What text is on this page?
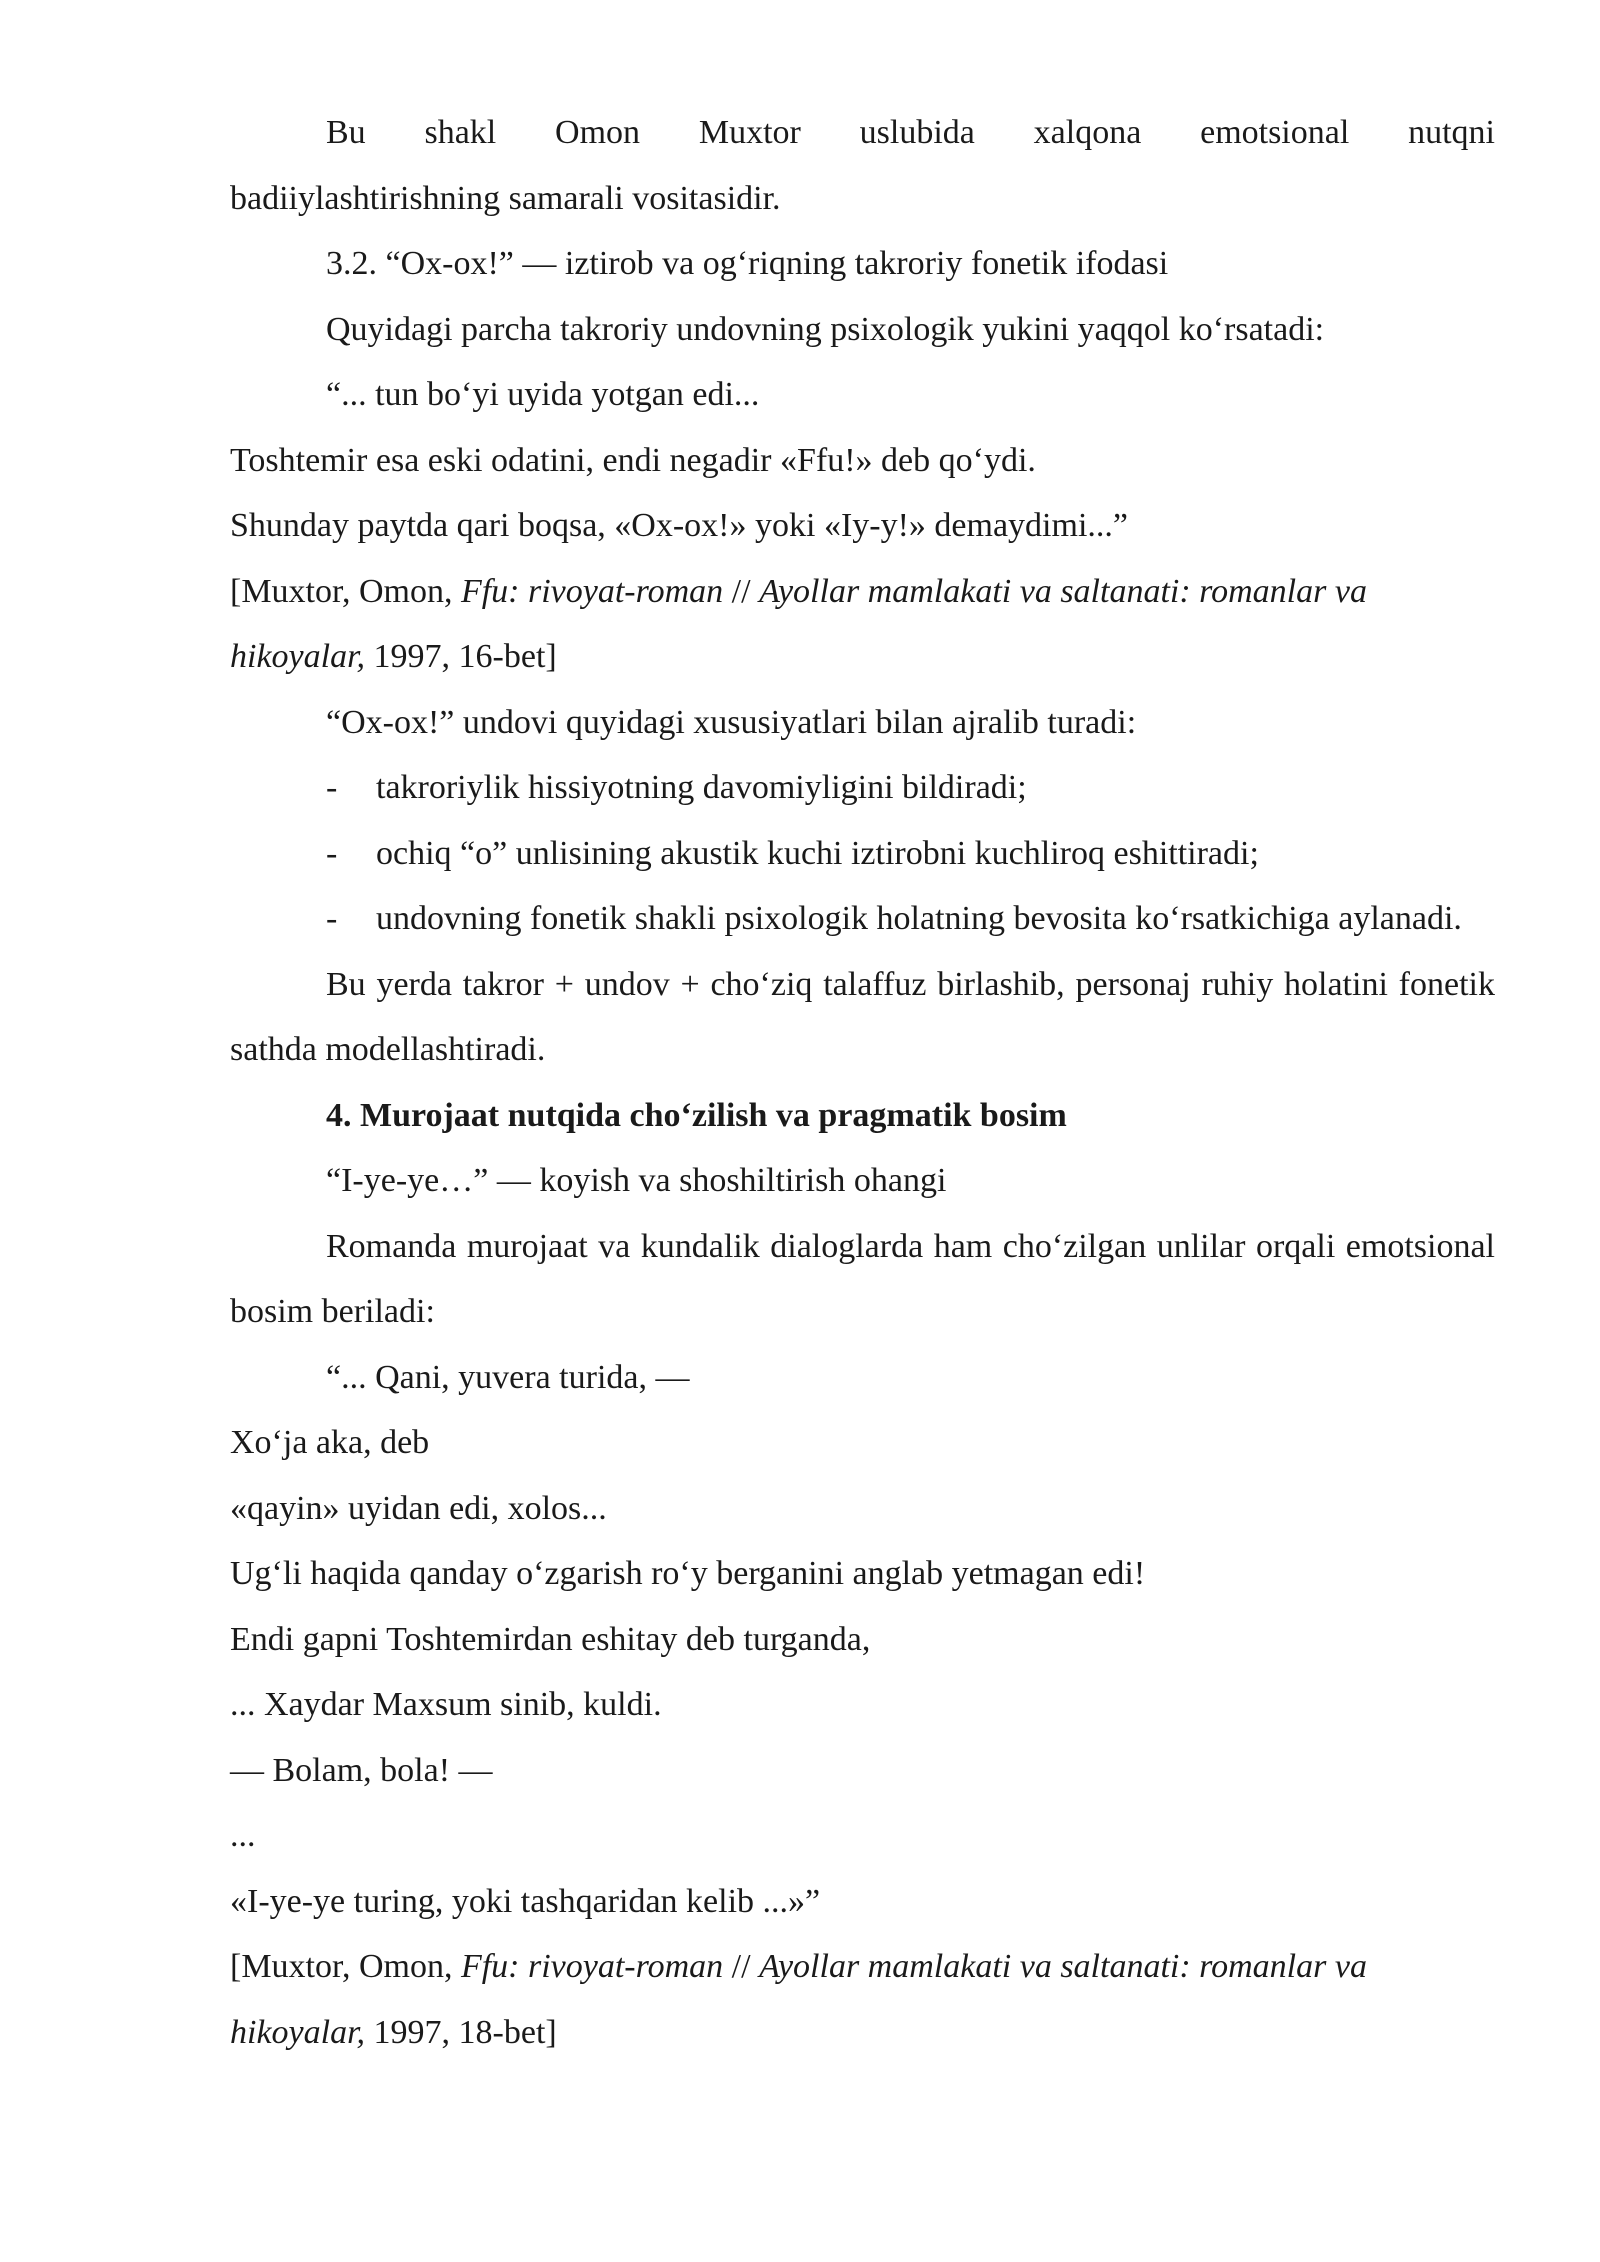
Bu shakl Omon Muxtor uslubida xalqona emotsional nutqni

badiiylashtirishning samarali vositasidir.

3.2. “Ox-ox!” — iztirob va og‘riqning takroriy fonetik ifodasi

Quyidagi parcha takroriy undovning psixologik yukini yaqqol ko‘rsatadi:

“... tun bo‘yi uyida yotgan edi...

Toshtemir esa eski odatini, endi negadir «Ffu!» deb qo‘ydi.

Shunday paytda qari boqsa, «Ox-ox!» yoki «Iy-y!» demaydimi...”

[Muxtor, Omon, Ffu: rivoyat-roman // Ayollar mamlakati va saltanati: romanlar va hikoyalar, 1997, 16-bet]

“Ox-ox!” undovi quyidagi xususiyatlari bilan ajralib turadi:

- takroriylik hissiyotning davomiyligini bildiradi;
- ochiq “o” unlisining akustik kuchi iztirobni kuchliroq eshittiradi;
- undovning fonetik shakli psixologik holatning bevosita ko‘rsatkichiga aylanadi.

Bu yerda takror + undov + cho‘ziq talaffuz birlashib, personaj ruhiy holatini fonetik sathda modellashtiradi.

4. Murojaat nutqida cho‘zilish va pragmatik bosim

“I-ye-ye…” — koyish va shoshiltirish ohangi

Romanda murojaat va kundalik dialoglarda ham cho‘zilgan unlilar orqali emotsional bosim beriladi:

“... Qani, yuvera turida, —

Xo‘ja aka, deb

«qayin» uyidan edi, xolos...

Ug‘li haqida qanday o‘zgarish ro‘y berganini anglab yetmagan edi!

Endi gapni Toshtemirdan eshitay deb turganda,

... Xaydar Maxsum sinib, kuldi.

— Bolam, bola! —

...

«I-ye-ye turing, yoki tashqaridan kelib ...»”

[Muxtor, Omon, Ffu: rivoyat-roman // Ayollar mamlakati va saltanati: romanlar va hikoyalar, 1997, 18-bet]
